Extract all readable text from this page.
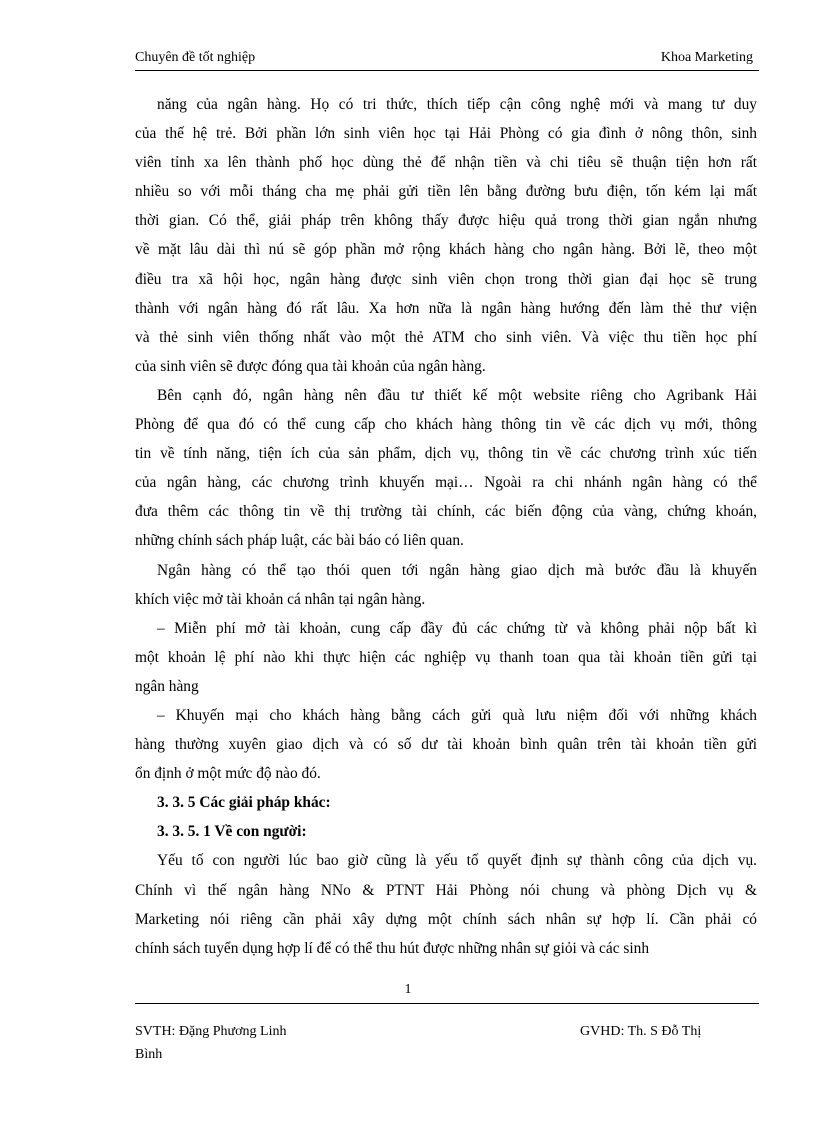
Chuyên đề tốt nghiệp	Khoa Marketing
năng của ngân hàng. Họ có tri thức, thích tiếp cận công nghệ mới và mang tư duy
của thế hệ trẻ. Bởi phần lớn sinh viên học tại Hải Phòng có gia đình ở nông thôn, sinh
viên tỉnh xa lên thành phố học dùng thẻ để nhận tiền và chi tiêu sẽ thuận tiện hơn rất
nhiều so với mỗi tháng cha mẹ phải gửi tiền lên bằng đường bưu điện, tốn kém lại mất
thời gian. Có thể, giải pháp trên không thấy được hiệu quả trong thời gian ngắn nhưng
về mặt lâu dài thì nú sẽ góp phần mở rộng khách hàng cho ngân hàng. Bởi lẽ, theo một
điều tra xã hội học, ngân hàng được sinh viên chọn trong thời gian đại học sẽ trung
thành với ngân hàng đó rất lâu. Xa hơn nữa là ngân hàng hướng đến làm thẻ thư viện
và thẻ sinh viên thống nhất vào một thẻ ATM cho sinh viên. Và việc thu tiền học phí
của sinh viên sẽ được đóng qua tài khoản của ngân hàng.
Bên cạnh đó, ngân hàng nên đầu tư thiết kế một website riêng cho Agribank Hải
Phòng để qua đó có thể cung cấp cho khách hàng thông tin về các dịch vụ mới, thông
tin về tính năng, tiện ích của sản phẩm, dịch vụ, thông tin về các chương trình xúc tiến
của ngân hàng, các chương trình khuyến mại… Ngoài ra chi nhánh ngân hàng có thể
đưa thêm các thông tin về thị trường tài chính, các biến động của vàng, chứng khoán,
những chính sách pháp luật, các bài báo có liên quan.
Ngân hàng có thể tạo thói quen tới ngân hàng giao dịch mà bước đầu là khuyến
khích việc mở tài khoản cá nhân tại ngân hàng.
– Miễn phí mở tài khoản, cung cấp đầy đủ các chứng từ và không phải nộp bất kì
một khoản lệ phí nào khi thực hiện các nghiệp vụ thanh toan qua tài khoản tiền gửi tại
ngân hàng
– Khuyến mại cho khách hàng bằng cách gửi quà lưu niệm đối với những khách
hàng thường xuyên giao dịch và có số dư tài khoản bình quân trên tài khoản tiền gửi
ổn định ở một mức độ nào đó.
3. 3. 5 Các giải pháp khác:
3. 3. 5. 1 Về con người:
Yếu tố con người lúc bao giờ cũng là yếu tố quyết định sự thành công của dịch vụ.
Chính vì thế ngân hàng NNo & PTNT Hải Phòng nói chung và phòng Dịch vụ &
Marketing nói riêng cần phải xây dựng một chính sách nhân sự hợp lí. Cần phải có
chính sách tuyển dụng hợp lí để có thể thu hút được những nhân sự giỏi và các sinh
1
SVTH: Đặng Phương Linh
Bình
GVHD: Th. S Đỗ Thị
